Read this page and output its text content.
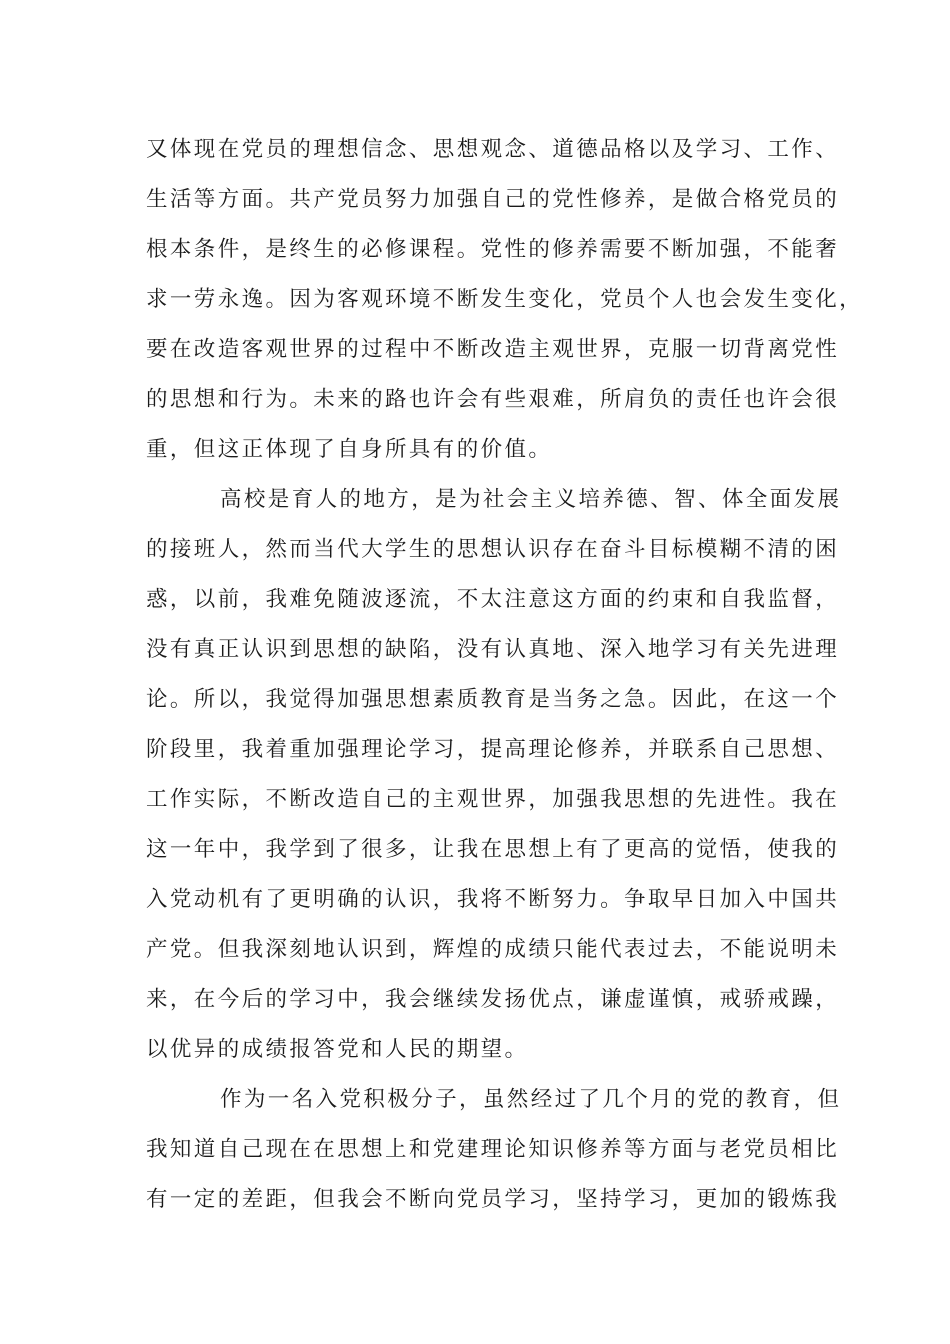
又体现在党员的理想信念、思想观念、道德品格以及学习、工作、
生活等方面。共产党员努力加强自己的党性修养，是做合格党员的
根本条件，是终生的必修课程。党性的修养需要不断加强，不能奢
求一劳永逸。因为客观环境不断发生变化，党员个人也会发生变化，
要在改造客观世界的过程中不断改造主观世界，克服一切背离党性
的思想和行为。未来的路也许会有些艰难，所肩负的责任也许会很
重，但这正体现了自身所具有的价值。
高校是育人的地方，是为社会主义培养德、智、体全面发展
的接班人，然而当代大学生的思想认识存在奋斗目标模糊不清的困
惑，以前，我难免随波逐流，不太注意这方面的约束和自我监督，
没有真正认识到思想的缺陷，没有认真地、深入地学习有关先进理
论。所以，我觉得加强思想素质教育是当务之急。因此，在这一个
阶段里，我着重加强理论学习，提高理论修养，并联系自己思想、
工作实际，不断改造自己的主观世界，加强我思想的先进性。我在
这一年中，我学到了很多，让我在思想上有了更高的觉悟，使我的
入党动机有了更明确的认识，我将不断努力。争取早日加入中国共
产党。但我深刻地认识到，辉煌的成绩只能代表过去，不能说明未
来，在今后的学习中，我会继续发扬优点，谦虚谨慎，戒骄戒躁，
以优异的成绩报答党和人民的期望。
作为一名入党积极分子，虽然经过了几个月的党的教育，但
我知道自己现在在思想上和党建理论知识修养等方面与老党员相比
有一定的差距，但我会不断向党员学习，坚持学习，更加的锻炼我
